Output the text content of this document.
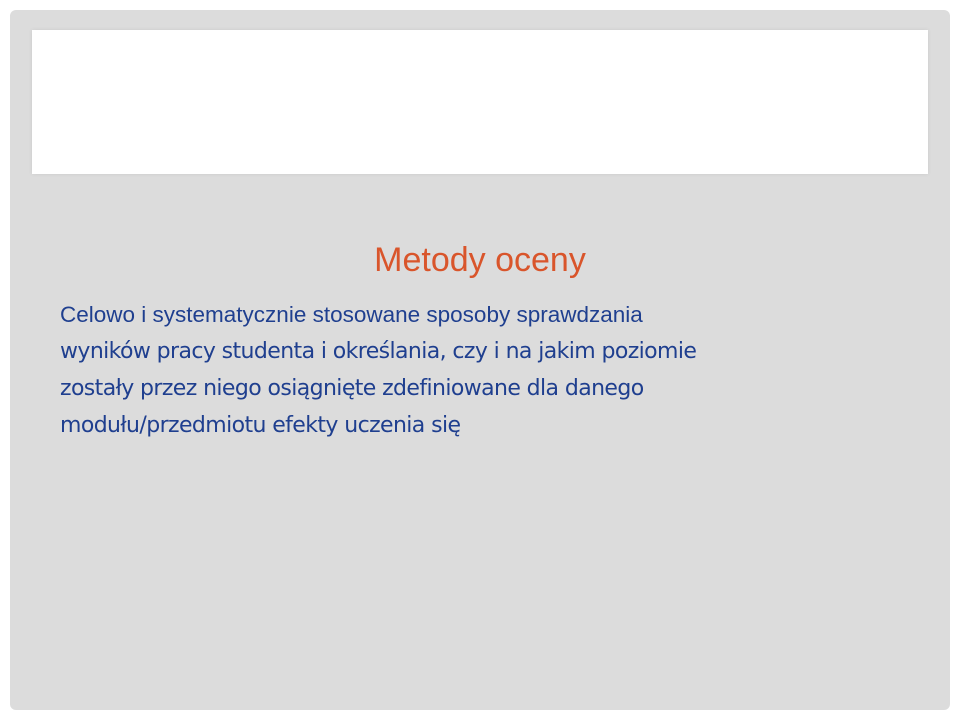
Metody oceny

Celowo i systematycznie stosowane sposoby sprawdzania
wyników pracy studenta i określania, czy i na jakim poziomie
zostały przez niego osiągnięte zdefiniowane dla danego
modułu/przedmiotu efekty uczenia się
